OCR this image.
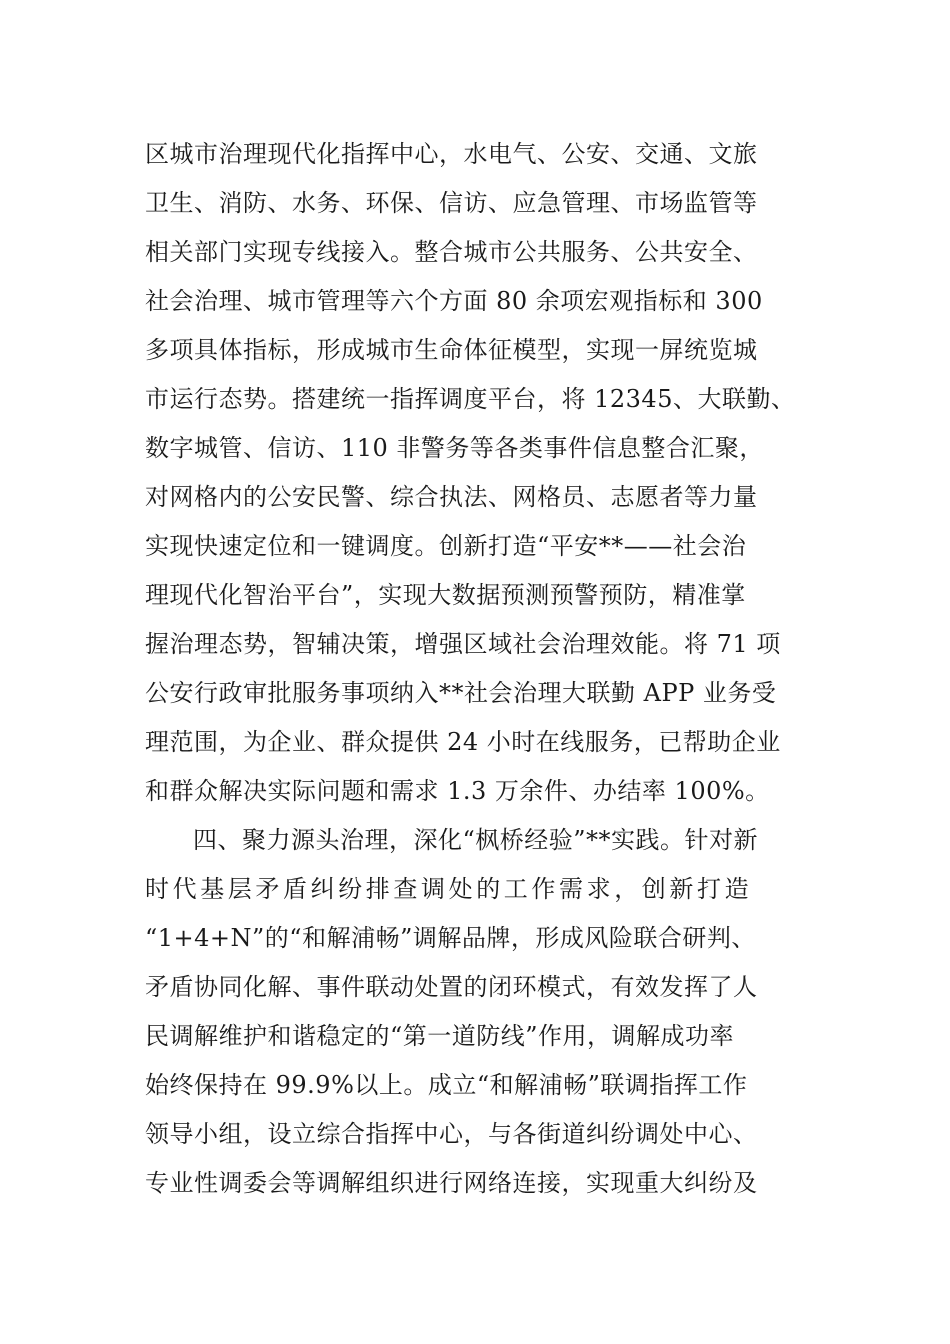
区城市治理现代化指挥中心，水电气、公安、交通、文旅
卫生、消防、水务、环保、信访、应急管理、市场监管等
相关部门实现专线接入。整合城市公共服务、公共安全、
社会治理、城市管理等六个方面 80 余项宏观指标和 300
多项具体指标，形成城市生命体征模型，实现一屏统览城
市运行态势。搭建统一指挥调度平台，将 12345、大联勤、
数字城管、信访、110 非警务等各类事件信息整合汇聚，
对网格内的公安民警、综合执法、网格员、志愿者等力量
实现快速定位和一键调度。创新打造“平安**——社会治
理现代化智治平台”，实现大数据预测预警预防，精准掌
握治理态势，智辅决策，增强区域社会治理效能。将 71 项
公安行政审批服务事项纳入**社会治理大联勤 APP 业务受
理范围，为企业、群众提供 24 小时在线服务，已帮助企业
和群众解决实际问题和需求 1.3 万余件、办结率 100%。
四、聚力源头治理，深化“枫桥经验”**实践。针对新
时代基层矛盾纠纷排查调处的工作需求，创新打造
“1+4+N”的“和解浦畅”调解品牌，形成风险联合研判、
矛盾协同化解、事件联动处置的闭环模式，有效发挥了人
民调解维护和谐稳定的“第一道防线”作用，调解成功率
始终保持在 99.9%以上。成立“和解浦畅”联调指挥工作
领导小组，设立综合指挥中心，与各街道纠纷调处中心、
专业性调委会等调解组织进行网络连接，实现重大纠纷及
